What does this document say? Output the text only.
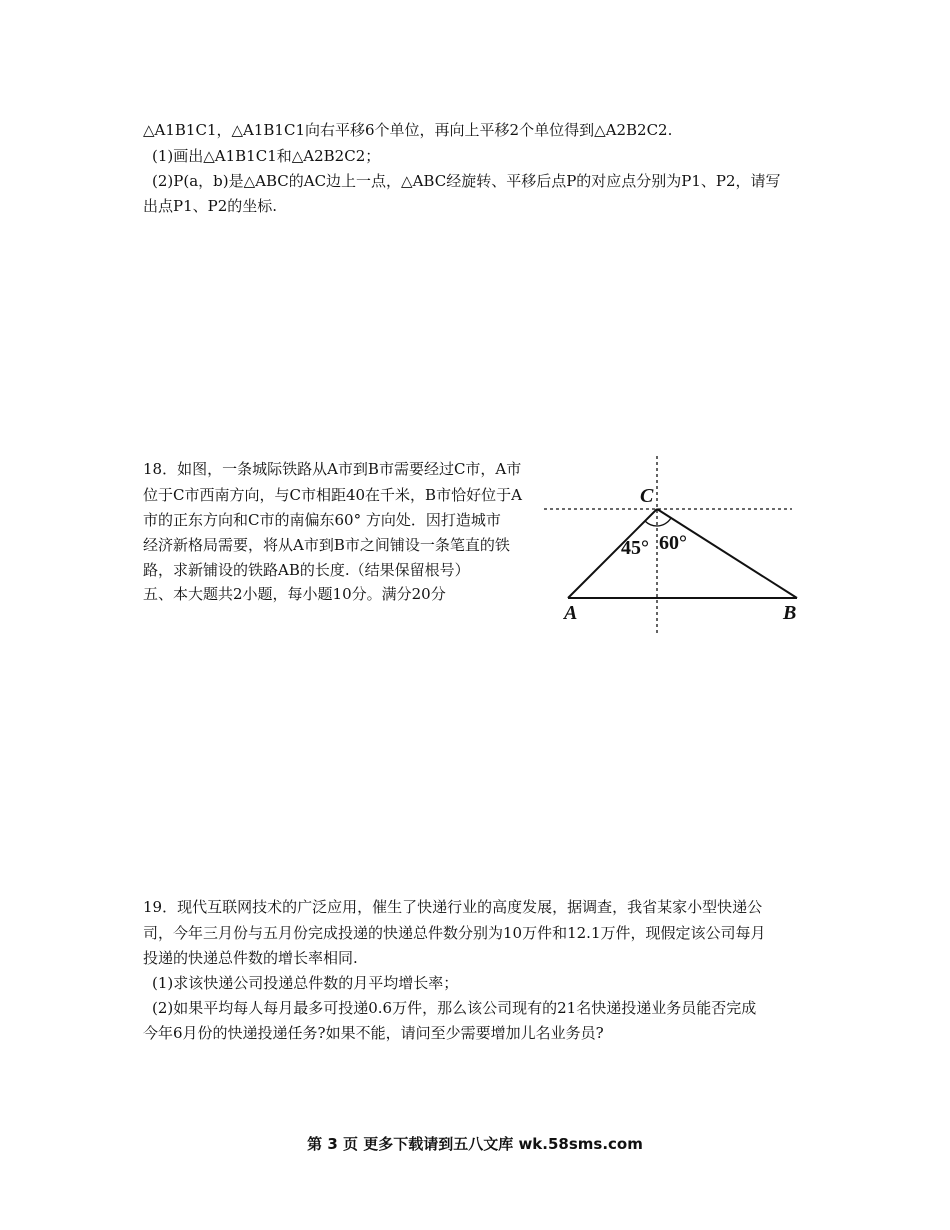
△A1B1C1，△A1B1C1向右平移6个单位，再向上平移2个单位得到△A2B2C2.
(1)画出△A1B1C1和△A2B2C2；
(2)P(a，b)是△ABC的AC边上一点，△ABC经旋转、平移后点P的对应点分别为P1、P2，请写
出点P1、P2的坐标.
18．如图，一条城际铁路从A市到B市需要经过C市，A市
位于C市西南方向，与C市相距40在千米，B市恰好位于A
市的正东方向和C市的南偏东60° 方向处．因打造城市
经济新格局需要，将从A市到B市之间铺设一条笔直的铁
路，求新铺设的铁路AB的长度.（结果保留根号）
五、本大题共2小题，每小题10分。满分20分
C
A	B
45° 60°
19．现代互联网技术的广泛应用，催生了快递行业的高度发展，据调查，我省某家小型快递公
司，今年三月份与五月份完成投递的快递总件数分别为10万件和12.1万件，现假定该公司每月
投递的快递总件数的增长率相同.
(1)求该快递公司投递总件数的月平均增长率；
(2)如果平均每人每月最多可投递0.6万件，那么该公司现有的21名快递投递业务员能否完成
今年6月份的快递投递任务?如果不能，请问至少需要增加儿名业务员?
第 3 页 更多下载请到五八文库 wk.58sms.com
